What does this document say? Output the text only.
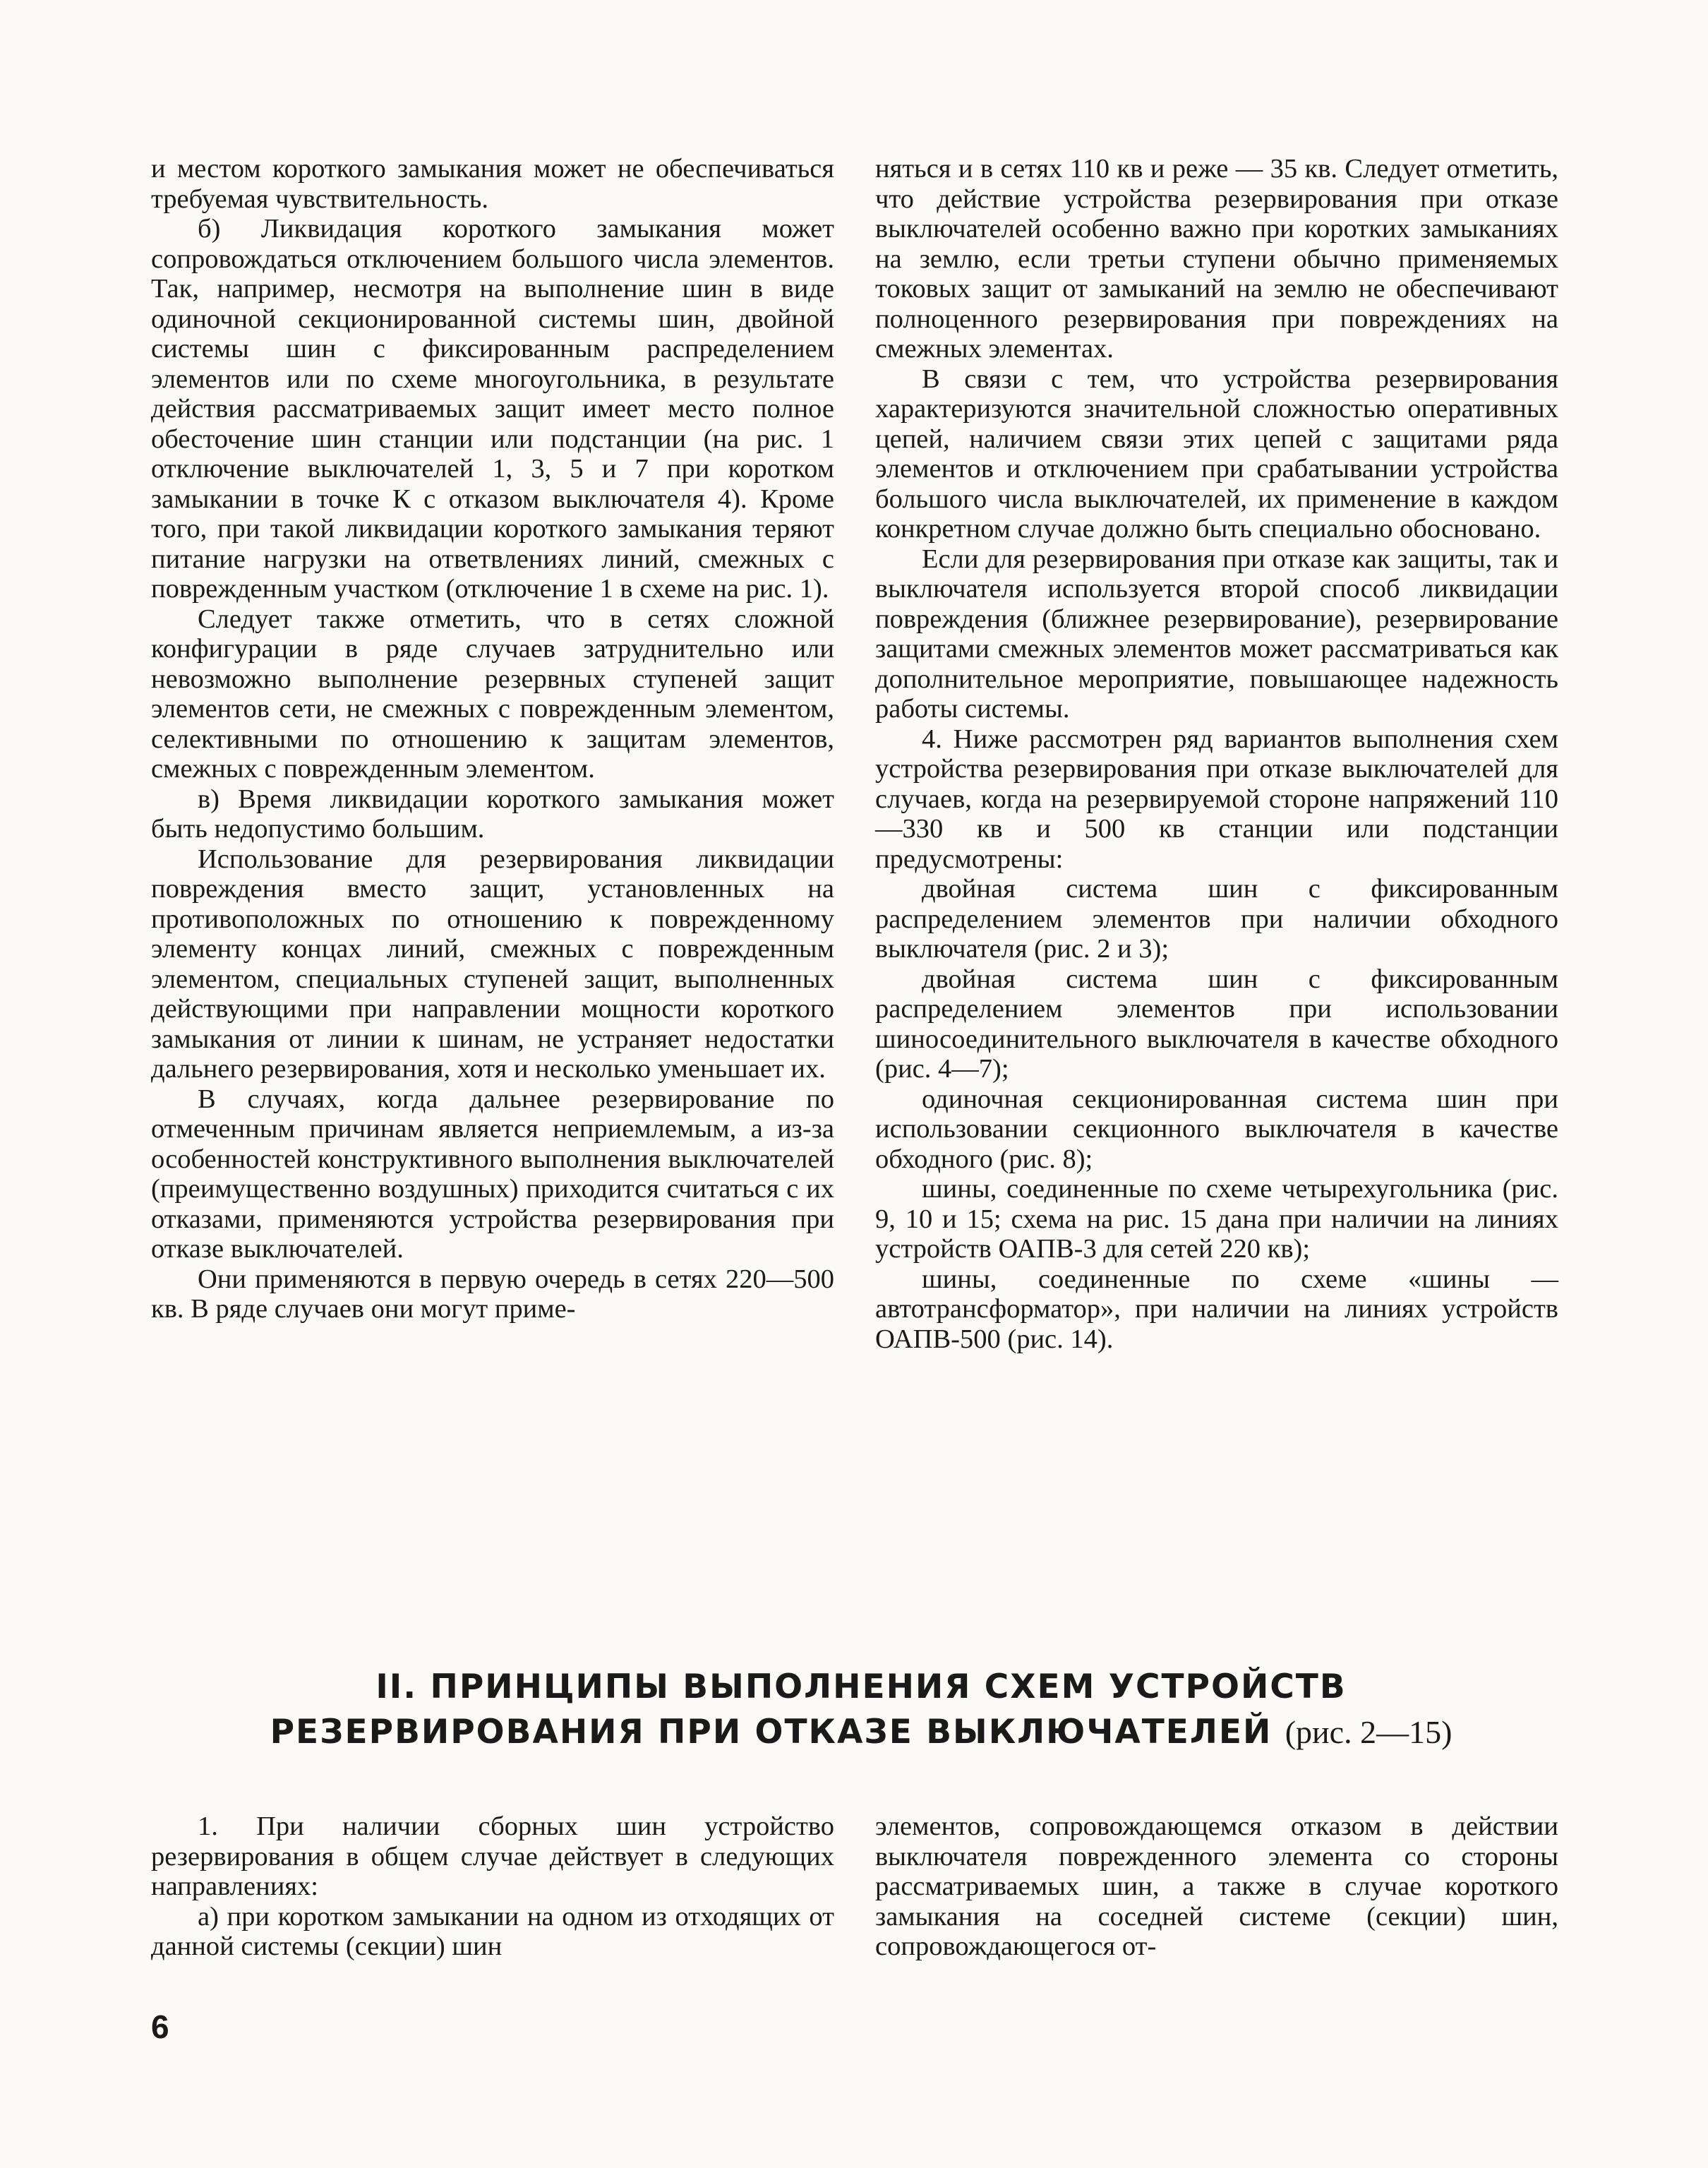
и местом короткого замыкания может не обеспечиваться требуемая чувствительность.

б) Ликвидация короткого замыкания может сопровождаться отключением большого числа элементов. Так, например, несмотря на выполнение шин в виде одиночной секционированной системы шин, двойной системы шин с фиксированным распределением элементов или по схеме многоугольника, в результате действия рассматриваемых защит имеет место полное обесточение шин станции или подстанции (на рис. 1 отключение выключателей 1, 3, 5 и 7 при коротком замыкании в точке К с отказом выключателя 4). Кроме того, при такой ликвидации короткого замыкания теряют питание нагрузки на ответвлениях линий, смежных с поврежденным участком (отключение 1 в схеме на рис. 1).

Следует также отметить, что в сетях сложной конфигурации в ряде случаев затруднительно или невозможно выполнение резервных ступеней защит элементов сети, не смежных с поврежденным элементом, селективными по отношению к защитам элементов, смежных с поврежденным элементом.

в) Время ликвидации короткого замыкания может быть недопустимо большим.

Использование для резервирования ликвидации повреждения вместо защит, установленных на противоположных по отношению к поврежденному элементу концах линий, смежных с поврежденным элементом, специальных ступеней защит, выполненных действующими при направлении мощности короткого замыкания от линии к шинам, не устраняет недостатки дальнего резервирования, хотя и несколько уменьшает их.

В случаях, когда дальнее резервирование по отмеченным причинам является неприемлемым, а из-за особенностей конструктивного выполнения выключателей (преимущественно воздушных) приходится считаться с их отказами, применяются устройства резервирования при отказе выключателей.

Они применяются в первую очередь в сетях 220—500 кв. В ряде случаев они могут приме-

няться и в сетях 110 кв и реже — 35 кв. Следует отметить, что действие устройства резервирования при отказе выключателей особенно важно при коротких замыканиях на землю, если третьи ступени обычно применяемых токовых защит от замыканий на землю не обеспечивают полноценного резервирования при повреждениях на смежных элементах.

В связи с тем, что устройства резервирования характеризуются значительной сложностью оперативных цепей, наличием связи этих цепей с защитами ряда элементов и отключением при срабатывании устройства большого числа выключателей, их применение в каждом конкретном случае должно быть специально обосновано.

Если для резервирования при отказе как защиты, так и выключателя используется второй способ ликвидации повреждения (ближнее резервирование), резервирование защитами смежных элементов может рассматриваться как дополнительное мероприятие, повышающее надежность работы системы.

4. Ниже рассмотрен ряд вариантов выполнения схем устройства резервирования при отказе выключателей для случаев, когда на резервируемой стороне напряжений 110—330 кв и 500 кв станции или подстанции предусмотрены:

двойная система шин с фиксированным распределением элементов при наличии обходного выключателя (рис. 2 и 3);

двойная система шин с фиксированным распределением элементов при использовании шиносоединительного выключателя в качестве обходного (рис. 4—7);

одиночная секционированная система шин при использовании секционного выключателя в качестве обходного (рис. 8);

шины, соединенные по схеме четырехугольника (рис. 9, 10 и 15; схема на рис. 15 дана при наличии на линиях устройств ОАПВ-3 для сетей 220 кв);

шины, соединенные по схеме «шины — автотрансформатор», при наличии на линиях устройств ОАПВ-500 (рис. 14).

II. ПРИНЦИПЫ ВЫПОЛНЕНИЯ СХЕМ УСТРОЙСТВ
РЕЗЕРВИРОВАНИЯ ПРИ ОТКАЗЕ ВЫКЛЮЧАТЕЛЕЙ (рис. 2—15)

1. При наличии сборных шин устройство резервирования в общем случае действует в следующих направлениях:

а) при коротком замыкании на одном из отходящих от данной системы (секции) шин

элементов, сопровождающемся отказом в действии выключателя поврежденного элемента со стороны рассматриваемых шин, а также в случае короткого замыкания на соседней системе (секции) шин, сопровождающегося от-

6
